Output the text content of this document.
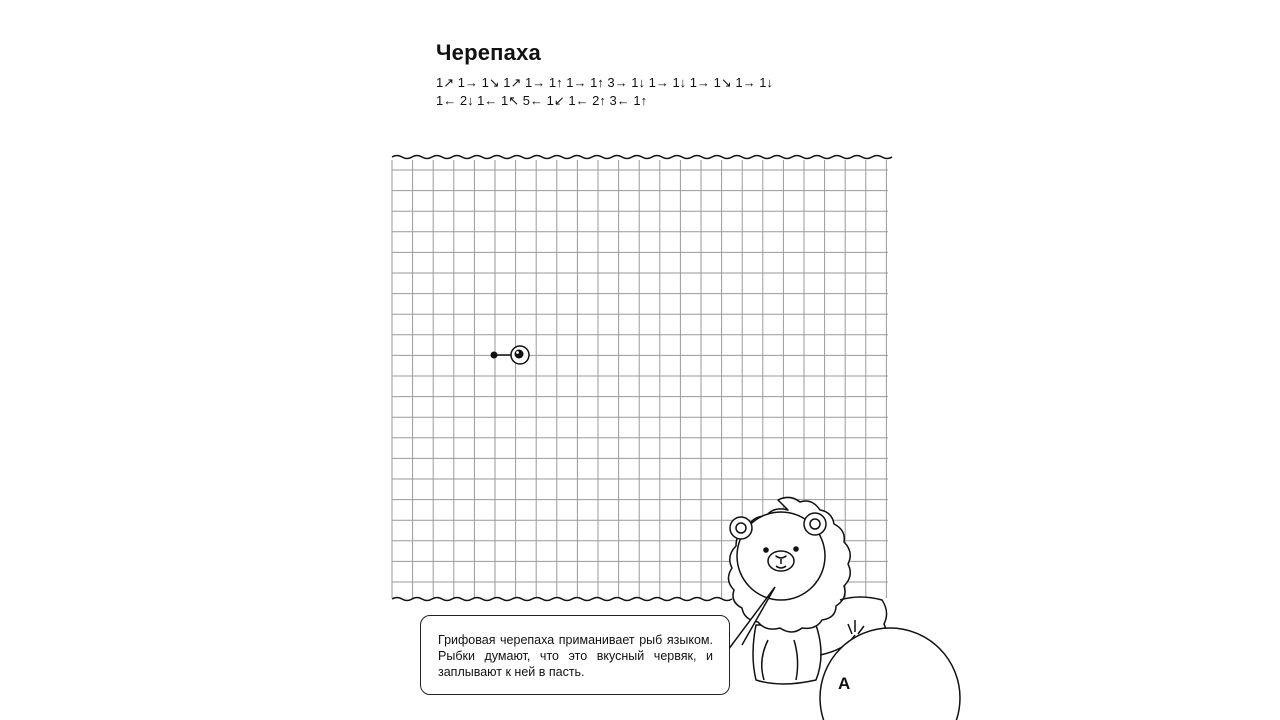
Черепаха
1↗ 1→ 1↘ 1↗ 1→ 1↑ 1→ 1↑ 3→ 1↓ 1→ 1↓ 1→ 1↘ 1→ 1↓
1← 2↓ 1← 1↖ 5← 1↙ 1← 2↑ 3← 1↑
Грифовая черепаха приманивает рыб языком. Рыбки думают, что это вкусный червяк, и заплывают к ней в пасть.
А
